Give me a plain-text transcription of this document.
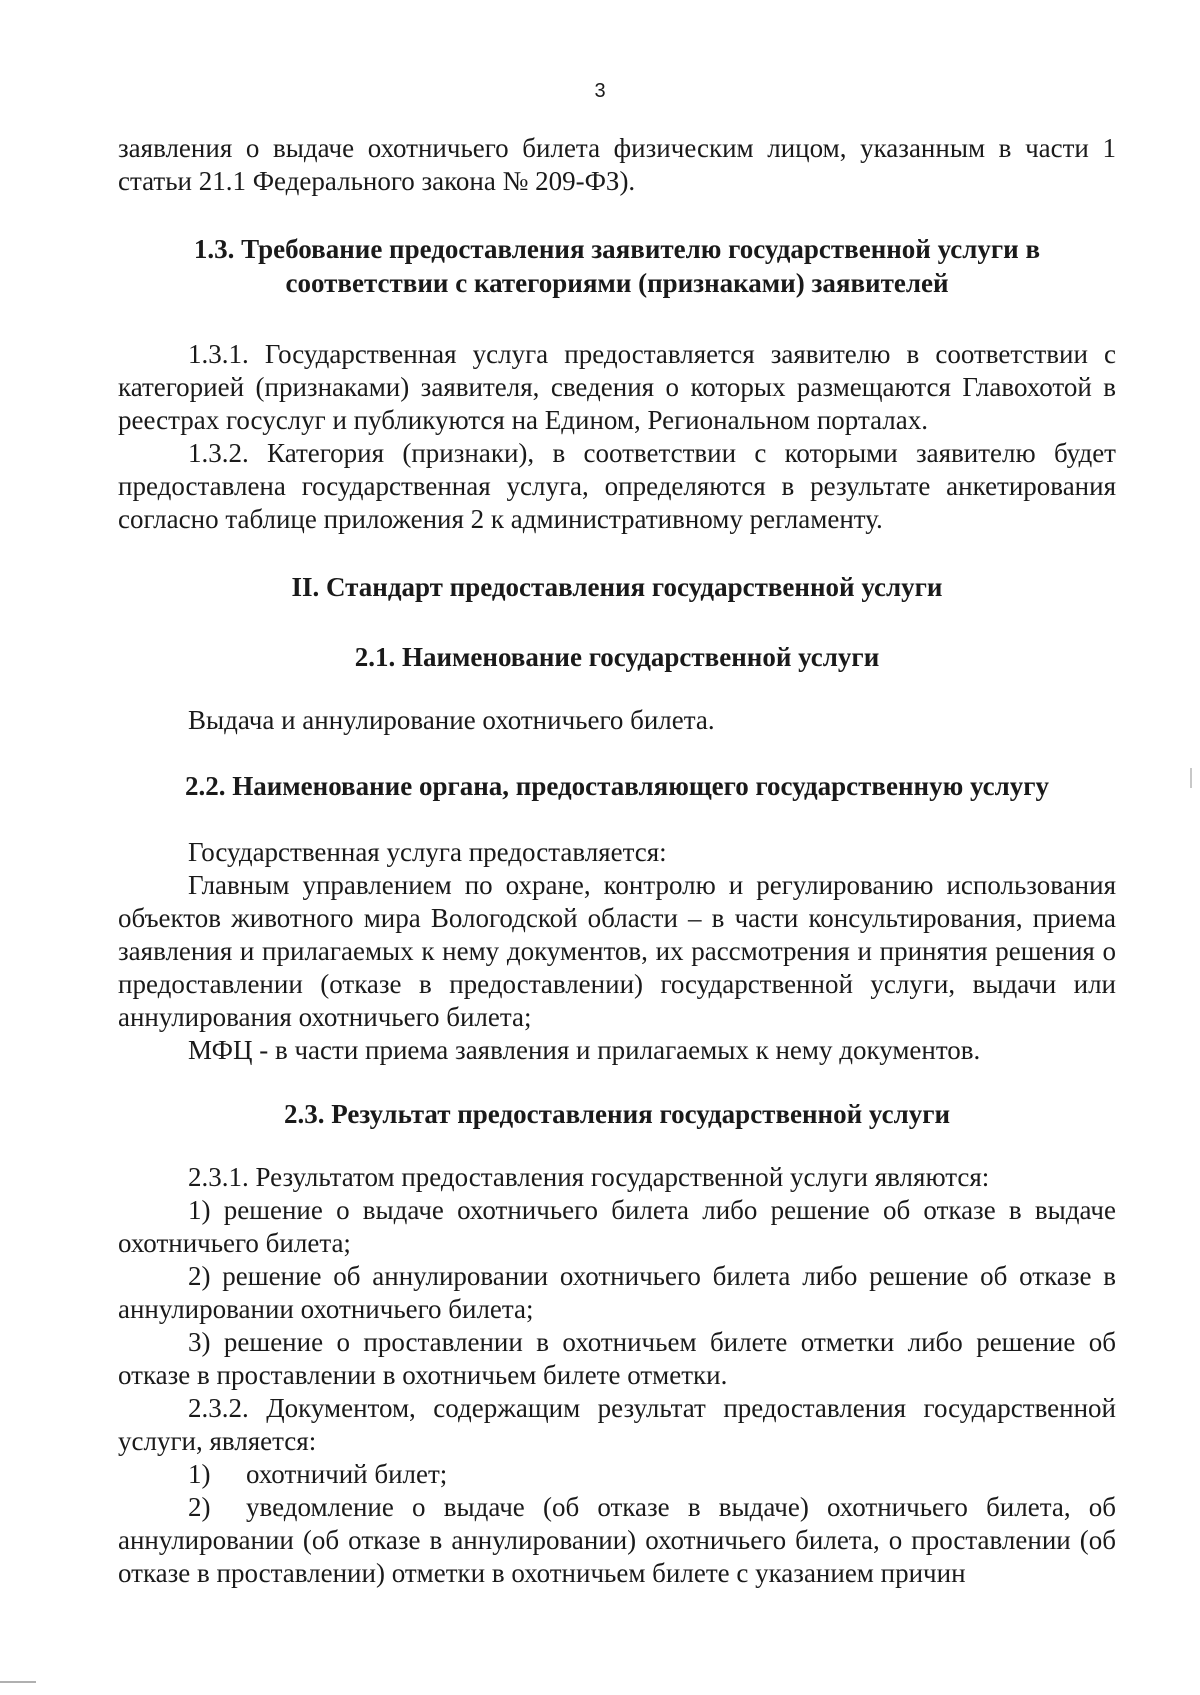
3

заявления о выдаче охотничьего билета физическим лицом, указанным в части 1 статьи 21.1 Федерального закона № 209-ФЗ).

1.3. Требование предоставления заявителю государственной услуги в соответствии с категориями (признаками) заявителей

1.3.1. Государственная услуга предоставляется заявителю в соответствии с категорией (признаками) заявителя, сведения о которых размещаются Главохотой в реестрах госуслуг и публикуются на Едином, Региональном порталах.

1.3.2. Категория (признаки), в соответствии с которыми заявителю будет предоставлена государственная услуга, определяются в результате анкетирования согласно таблице приложения 2 к административному регламенту.

II. Стандарт предоставления государственной услуги

2.1. Наименование государственной услуги

Выдача и аннулирование охотничьего билета.

2.2. Наименование органа, предоставляющего государственную услугу

Государственная услуга предоставляется:

Главным управлением по охране, контролю и регулированию использования объектов животного мира Вологодской области – в части консультирования, приема заявления и прилагаемых к нему документов, их рассмотрения и принятия решения о предоставлении (отказе в предоставлении) государственной услуги, выдачи или аннулирования охотничьего билета;

МФЦ - в части приема заявления и прилагаемых к нему документов.

2.3. Результат предоставления государственной услуги

2.3.1. Результатом предоставления государственной услуги являются:

1) решение о выдаче охотничьего билета либо решение об отказе в выдаче охотничьего билета;

2) решение об аннулировании охотничьего билета либо решение об отказе в аннулировании охотничьего билета;

3) решение о проставлении в охотничьем билете отметки либо решение об отказе в проставлении в охотничьем билете отметки.

2.3.2. Документом, содержащим результат предоставления государственной услуги, является:

1) охотничий билет;

2) уведомление о выдаче (об отказе в выдаче) охотничьего билета, об аннулировании (об отказе в аннулировании) охотничьего билета, о проставлении (об отказе в проставлении) отметки в охотничьем билете с указанием причин
